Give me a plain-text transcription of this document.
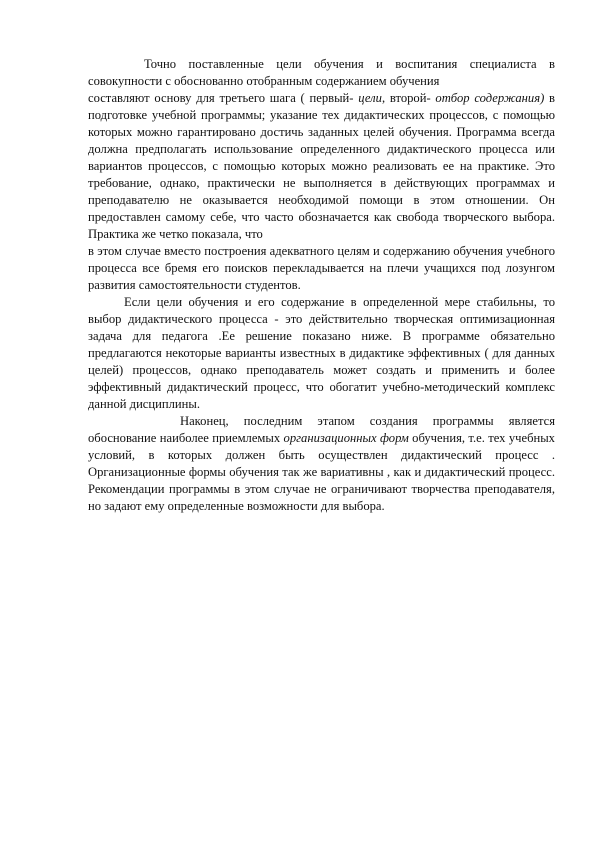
Точно поставленные цели обучения и воспитания специалиста в совокупности с обоснованно отобранным содержанием обучения

составляют основу для третьего шага ( первый- цели, второй- отбор содержания) в подготовке учебной программы; указание тех дидактических процессов, с помощью которых можно гарантировано достичь заданных целей обучения. Программа всегда должна предполагать использование определенного дидактического процесса или вариантов процессов, с помощью которых можно реализовать ее на практике. Это требование, однако, практически не выполняется в действующих программах и преподавателю не оказывается необходимой помощи в этом отношении. Он предоставлен самому себе, что часто обозначается как свобода творческого выбора. Практика же четко показала, что

в этом случае вместо построения адекватного целям и содержанию обучения учебного процесса все бремя его поисков перекладывается на плечи учащихся под лозунгом развития самостоятельности студентов.

Если цели обучения и его содержание в определенной мере стабильны, то выбор дидактического процесса - это действительно творческая оптимизационная задача для педагога .Ее решение показано ниже. В программе обязательно предлагаются некоторые варианты известных в дидактике эффективных ( для данных целей) процессов, однако преподаватель может создать и применить и более эффективный дидактический процесс, что обогатит учебно-методический комплекс данной дисциплины.

Наконец, последним этапом создания программы является обоснование наиболее приемлемых организационных форм обучения, т.е. тех учебных условий, в которых должен быть осуществлен дидактический процесс . Организационные формы обучения так же вариативны , как и дидактический процесс. Рекомендации программы в этом случае не ограничивают творчества преподавателя, но задают ему определенные возможности для выбора.
